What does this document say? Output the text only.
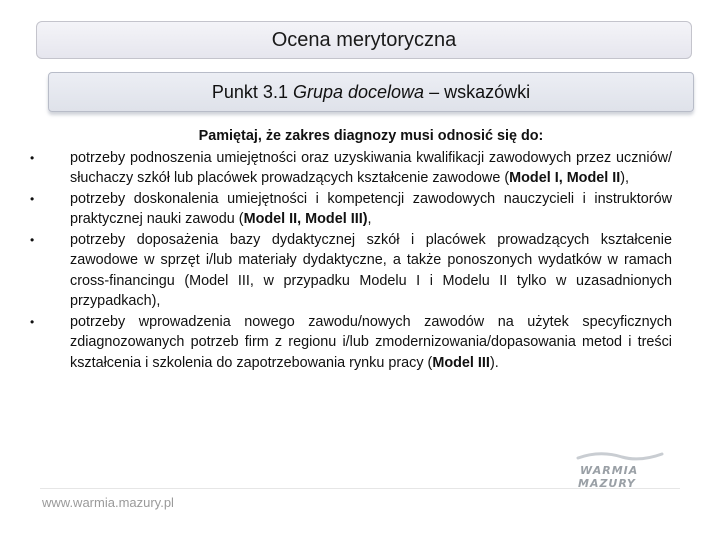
Ocena merytoryczna
Punkt 3.1 Grupa docelowa – wskazówki

Pamiętaj, że zakres diagnozy musi odnosić się do:

•	potrzeby podnoszenia umiejętności oraz uzyskiwania kwalifikacji zawodowych przez uczniów/ słuchaczy szkół lub placówek prowadzących kształcenie zawodowe (Model I, Model II),
•	potrzeby doskonalenia umiejętności i kompetencji zawodowych nauczycieli i instruktorów praktycznej nauki zawodu (Model II, Model III),
•	potrzeby doposażenia bazy dydaktycznej szkół i placówek prowadzących kształcenie zawodowe w sprzęt i/lub materiały dydaktyczne, a także ponoszonych wydatków w ramach cross-financingu (Model III, w przypadku Modelu I i Modelu II tylko w uzasadnionych przypadkach),
•	potrzeby wprowadzenia nowego zawodu/nowych zawodów na użytek specyficznych zdiagnozowanych potrzeb firm z regionu i/lub zmodernizowania/dopasowania metod i treści kształcenia i szkolenia do zapotrzebowania rynku pracy (Model III).
www.warmia.mazury.pl
WARMIA
MAZURY
